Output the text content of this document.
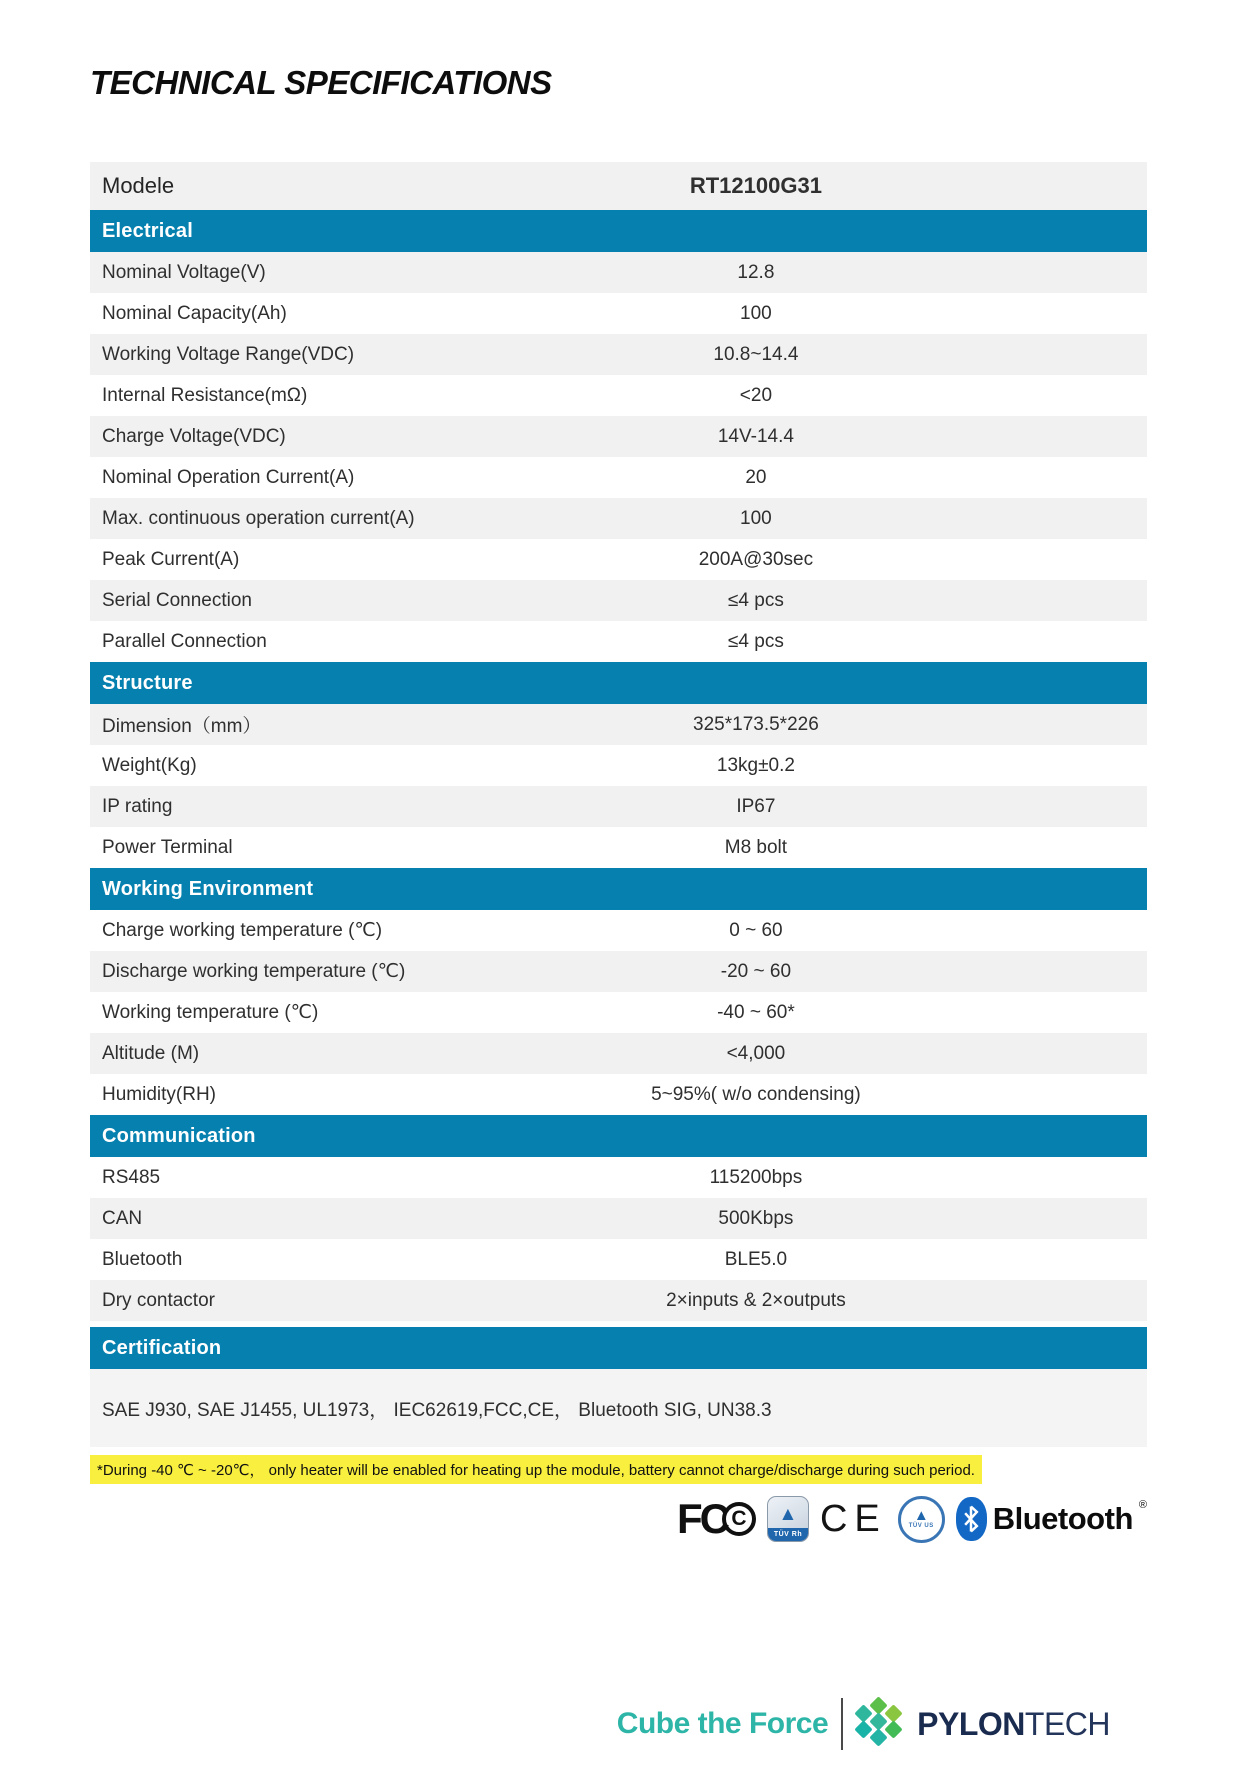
TECHNICAL SPECIFICATIONS
Modele	RT12100G31
Electrical
Nominal Voltage(V)	12.8
Nominal Capacity(Ah)	100
Working Voltage Range(VDC)	10.8~14.4
Internal Resistance(mΩ)	<20
Charge Voltage(VDC)	14V-14.4
Nominal Operation Current(A)	20
Max. continuous operation current(A)	100
Peak Current(A)	200A@30sec
Serial Connection	≤4 pcs
Parallel Connection	≤4 pcs
Structure
Dimension（mm）	325*173.5*226
Weight(Kg)	13kg±0.2
IP rating	IP67
Power Terminal	M8 bolt
Working Environment
Charge working temperature (℃)	0 ~ 60
Discharge working temperature (℃)	-20 ~ 60
Working temperature (℃)	-40 ~ 60*
Altitude (M)	<4,000
Humidity(RH)	5~95%( w/o condensing)
Communication
RS485	115200bps
CAN	500Kbps
Bluetooth	BLE5.0
Dry contactor	2×inputs & 2×outputs
Certification
SAE J930, SAE J1455, UL1973， IEC62619,FCC,CE， Bluetooth SIG, UN38.3
*During -40 ℃ ~ -20℃， only heater will be enabled for heating up the module, battery cannot charge/discharge during such period.
FC C	▲
TÜV Rh CE ▲
TÜV US Bluetooth ®
Cube the Force	PYLON TECH
